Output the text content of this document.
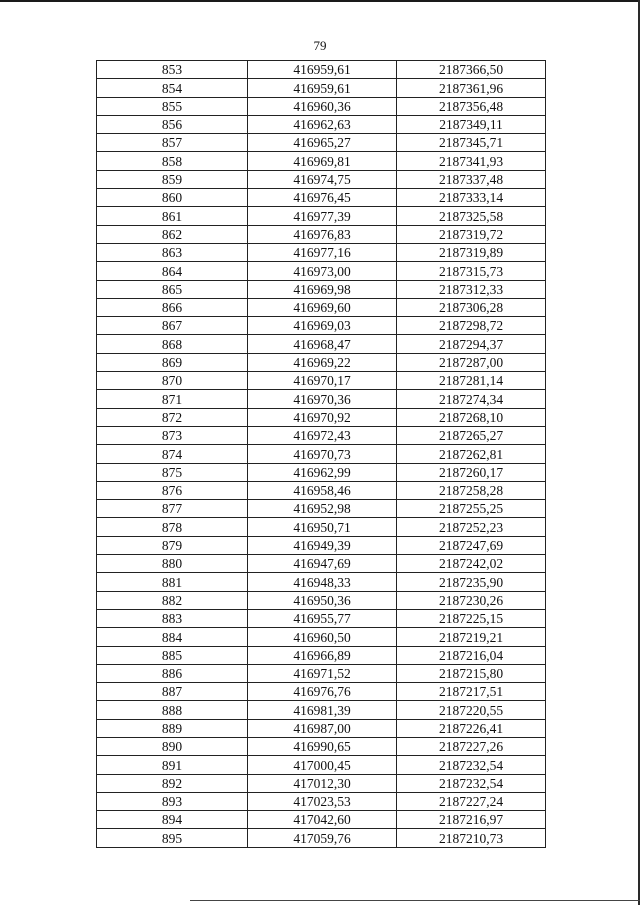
79
853	416959,61	2187366,50
854	416959,61	2187361,96
855	416960,36	2187356,48
856	416962,63	2187349,11
857	416965,27	2187345,71
858	416969,81	2187341,93
859	416974,75	2187337,48
860	416976,45	2187333,14
861	416977,39	2187325,58
862	416976,83	2187319,72
863	416977,16	2187319,89
864	416973,00	2187315,73
865	416969,98	2187312,33
866	416969,60	2187306,28
867	416969,03	2187298,72
868	416968,47	2187294,37
869	416969,22	2187287,00
870	416970,17	2187281,14
871	416970,36	2187274,34
872	416970,92	2187268,10
873	416972,43	2187265,27
874	416970,73	2187262,81
875	416962,99	2187260,17
876	416958,46	2187258,28
877	416952,98	2187255,25
878	416950,71	2187252,23
879	416949,39	2187247,69
880	416947,69	2187242,02
881	416948,33	2187235,90
882	416950,36	2187230,26
883	416955,77	2187225,15
884	416960,50	2187219,21
885	416966,89	2187216,04
886	416971,52	2187215,80
887	416976,76	2187217,51
888	416981,39	2187220,55
889	416987,00	2187226,41
890	416990,65	2187227,26
891	417000,45	2187232,54
892	417012,30	2187232,54
893	417023,53	2187227,24
894	417042,60	2187216,97
895	417059,76	2187210,73
